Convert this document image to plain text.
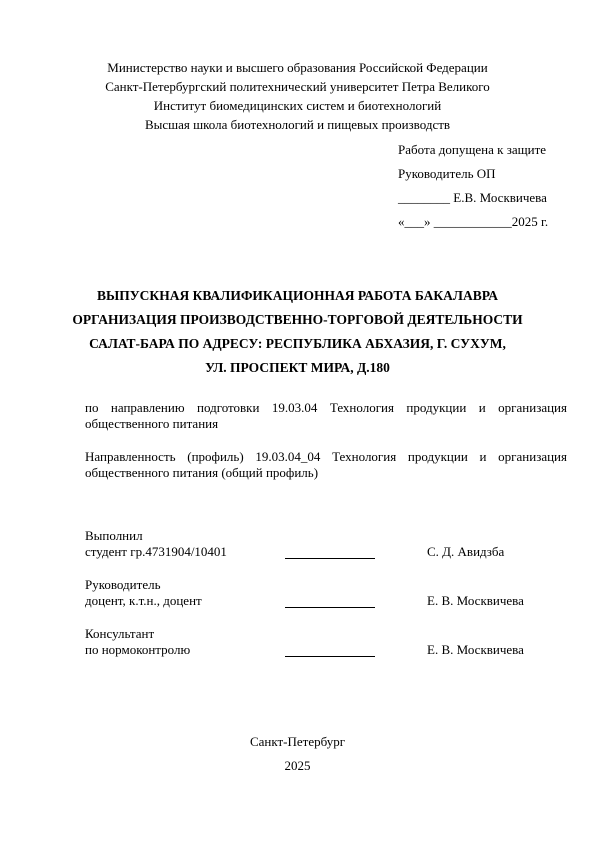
Министерство науки и высшего образования Российской Федерации
Санкт-Петербургский политехнический университет Петра Великого
Институт биомедицинских систем и биотехнологий
Высшая школа биотехнологий и пищевых производств
Работа допущена к защите
Руководитель ОП
________ Е.В. Москвичева
«___» ____________2025 г.
ВЫПУСКНАЯ КВАЛИФИКАЦИОННАЯ РАБОТА БАКАЛАВРА
ОРГАНИЗАЦИЯ ПРОИЗВОДСТВЕННО-ТОРГОВОЙ ДЕЯТЕЛЬНОСТИ
САЛАТ-БАРА ПО АДРЕСУ: РЕСПУБЛИКА АБХАЗИЯ, Г. СУХУМ,
УЛ. ПРОСПЕКТ МИРА, Д.180
по направлению подготовки 19.03.04 Технология продукции и организация
общественного питания
Направленность (профиль) 19.03.04_04 Технология продукции и организация
общественного питания (общий профиль)
Выполнил
студент гр.4731904/10401	С. Д. Авидзба
Руководитель
доцент, к.т.н., доцент	Е. В. Москвичева
Консультант
по нормоконтролю	Е. В. Москвичева
Санкт-Петербург
2025
